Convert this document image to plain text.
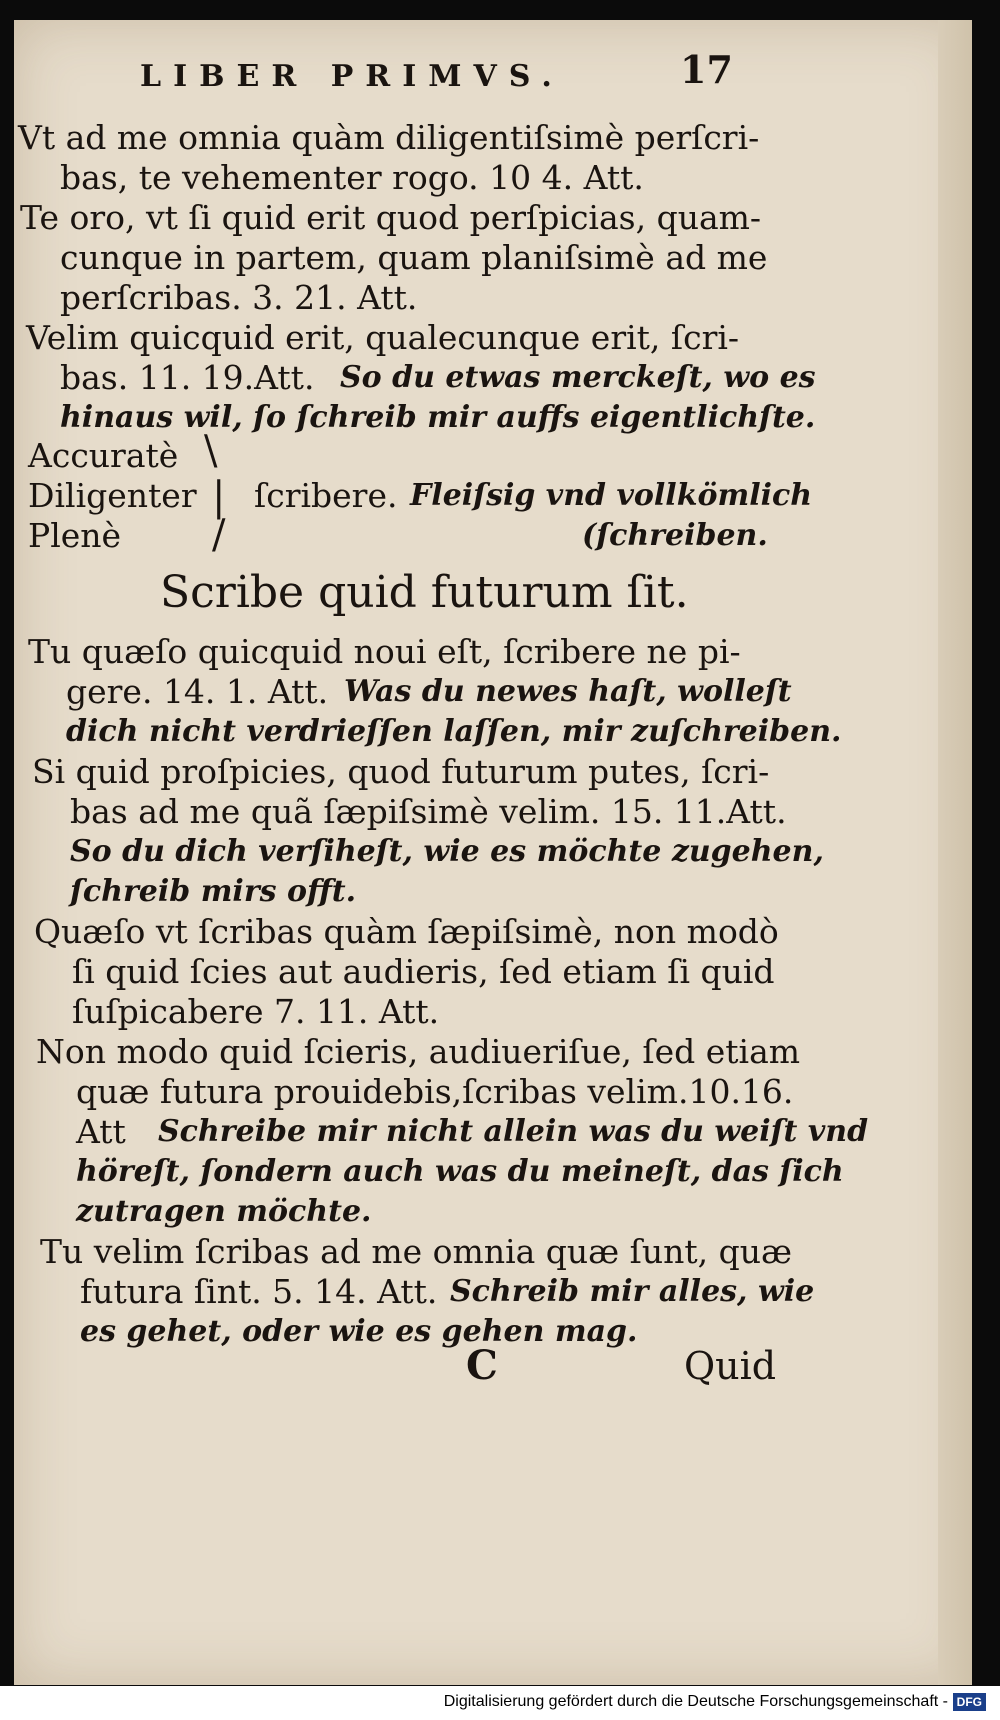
LIBER PRIMVS.	17
Vt ad me omnia quàm diligentiſsimè perſcri-
bas, te vehementer rogo. 10 4. Att.
Te oro, vt ſi quid erit quod perſpicias, quam-
cunque in partem, quam planiſsimè ad me
perſcribas. 3. 21. Att.
Velim quicquid erit, qualecunque erit, ſcri-
bas. 11. 19.Att. So du etwas merckeſt, wo es
hinaus wil, ſo ſchreib mir auffs eigentlichſte.
Accuratè
Diligenter
Plenè
\
|
/
ſcribere. Fleiſsig vnd vollkömlich
(ſchreiben.
Scribe quid futurum ſit.
Tu quæſo quicquid noui eſt, ſcribere ne pi-
gere. 14. 1. Att. Was du newes haſt, wolleſt
dich nicht verdrieſſen laſſen, mir zuſchreiben.
Si quid proſpicies, quod futurum putes, ſcri-
bas ad me quã ſæpiſsimè velim. 15. 11.Att.
So du dich verſiheſt, wie es möchte zugehen,
ſchreib mirs offt.
Quæſo vt ſcribas quàm ſæpiſsimè, non modò
ſi quid ſcies aut audieris, ſed etiam ſi quid
ſuſpicabere 7. 11. Att.
Non modo quid ſcieris, audiueriſue, ſed etiam
quæ futura prouidebis,ſcribas velim.10.16.
Att Schreibe mir nicht allein was du weiſt vnd
höreſt, ſondern auch was du meineſt, das ſich
zutragen möchte.
Tu velim ſcribas ad me omnia quæ ſunt, quæ
futura ſint. 5. 14. Att. Schreib mir alles, wie
es gehet, oder wie es gehen mag.
C	Quid
Digitalisierung gefördert durch die Deutsche Forschungsgemeinschaft - DFG
